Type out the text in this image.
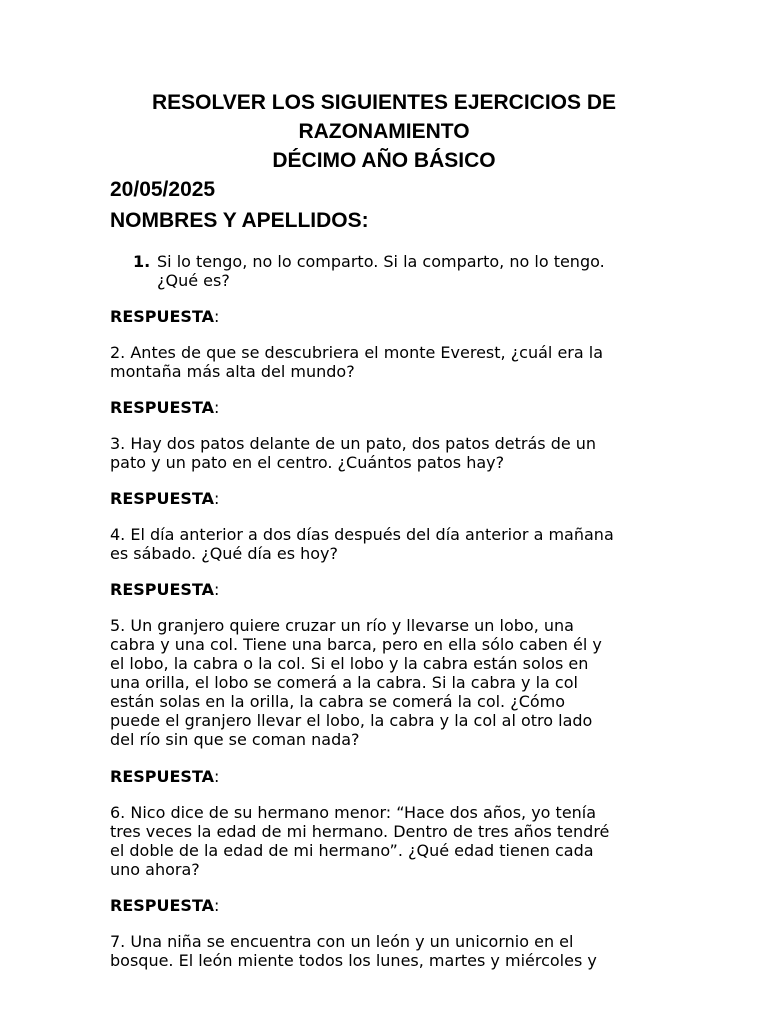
RESOLVER LOS SIGUIENTES EJERCICIOS DE
RAZONAMIENTO
DÉCIMO AÑO BÁSICO
20/05/2025
NOMBRES Y APELLIDOS:
1. Si lo tengo, no lo comparto. Si la comparto, no lo tengo.
¿Qué es?
RESPUESTA:
2. Antes de que se descubriera el monte Everest, ¿cuál era la
montaña más alta del mundo?
RESPUESTA:
3. Hay dos patos delante de un pato, dos patos detrás de un
pato y un pato en el centro. ¿Cuántos patos hay?
RESPUESTA:
4. El día anterior a dos días después del día anterior a mañana
es sábado. ¿Qué día es hoy?
RESPUESTA:
5. Un granjero quiere cruzar un río y llevarse un lobo, una
cabra y una col. Tiene una barca, pero en ella sólo caben él y
el lobo, la cabra o la col. Si el lobo y la cabra están solos en
una orilla, el lobo se comerá a la cabra. Si la cabra y la col
están solas en la orilla, la cabra se comerá la col. ¿Cómo
puede el granjero llevar el lobo, la cabra y la col al otro lado
del río sin que se coman nada?
RESPUESTA:
6. Nico dice de su hermano menor: “Hace dos años, yo tenía
tres veces la edad de mi hermano. Dentro de tres años tendré
el doble de la edad de mi hermano”. ¿Qué edad tienen cada
uno ahora?
RESPUESTA:
7. Una niña se encuentra con un león y un unicornio en el
bosque. El león miente todos los lunes, martes y miércoles y
